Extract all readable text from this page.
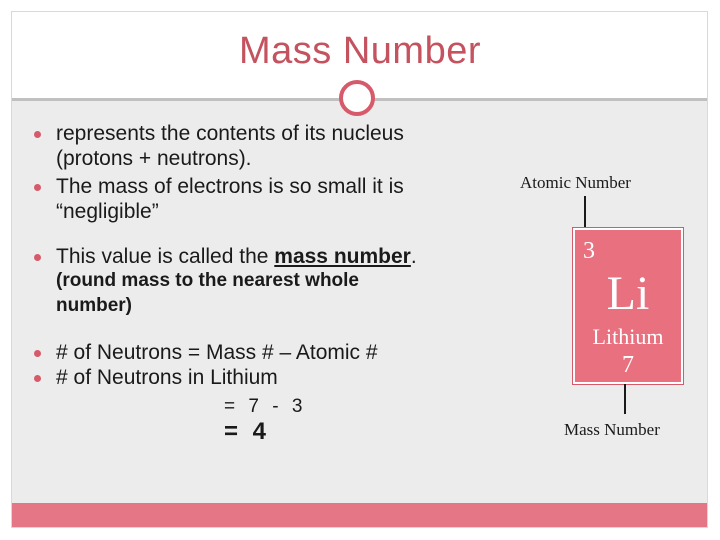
Mass Number
represents the contents of its nucleus
(protons + neutrons).
The mass of electrons is so small it is
“negligible”
This value is called the mass number.
(round mass to the nearest whole
number)
# of Neutrons = Mass # – Atomic #
# of Neutrons in Lithium
= 7 - 3
= 4
Atomic Number
3
Li
Lithium
7
Mass Number
